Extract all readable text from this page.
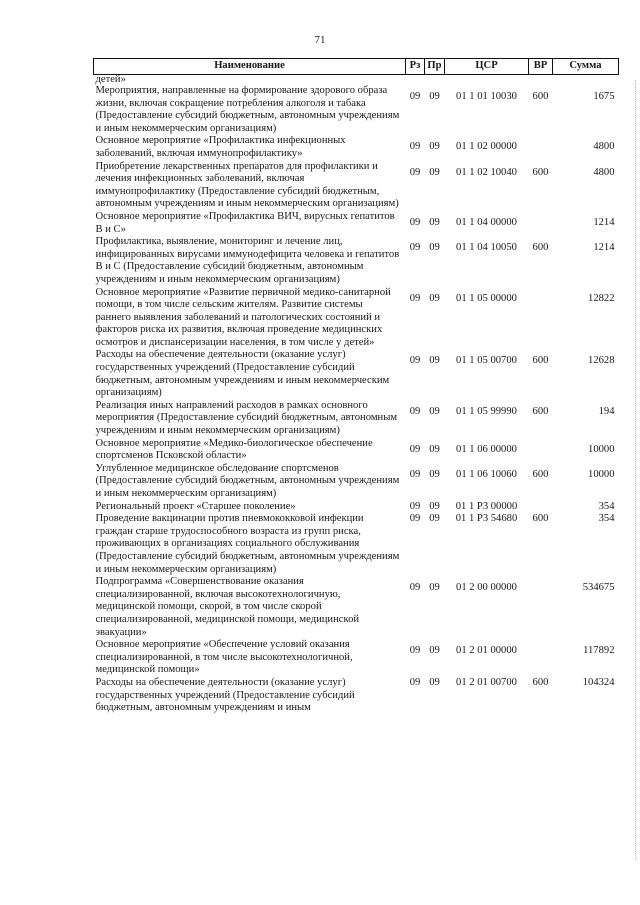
71
Наименование	Рз	Пр	ЦСР	ВР	Сумма
детей»					
Мероприятия, направленные на формирование здорового образа жизни, включая сокращение потребления алкоголя и табака (Предоставление субсидий бюджетным, автономным учреждениям и иным некоммерческим организациям)	09	09	01 1 01 10030	600	1675
Основное мероприятие «Профилактика инфекционных заболеваний, включая иммунопрофилактику»	09	09	01 1 02 00000		4800
Приобретение лекарственных препаратов для профилактики и лечения инфекционных заболеваний, включая иммунопрофилактику (Предоставление субсидий бюджетным, автономным учреждениям и иным некоммерческим организациям)	09	09	01 1 02 10040	600	4800
Основное мероприятие «Профилактика ВИЧ, вирусных гепатитов В и С»	09	09	01 1 04 00000		1214
Профилактика, выявление, мониторинг и лечение лиц, инфицированных вирусами иммунодефицита человека и гепатитов В и С (Предоставление субсидий бюджетным, автономным учреждениям и иным некоммерческим организациям)	09	09	01 1 04 10050	600	1214
Основное мероприятие «Развитие первичной медико-санитарной помощи, в том числе сельским жителям. Развитие системы раннего выявления заболеваний и патологических состояний и факторов риска их развития, включая проведение медицинских осмотров и диспансеризации населения, в том числе у детей»	09	09	01 1 05 00000		12822
Расходы на обеспечение деятельности (оказание услуг) государственных учреждений (Предоставление субсидий бюджетным, автономным учреждениям и иным некоммерческим организациям)	09	09	01 1 05 00700	600	12628
Реализация иных направлений расходов в рамках основного мероприятия (Предоставление субсидий бюджетным, автономным учреждениям и иным некоммерческим организациям)	09	09	01 1 05 99990	600	194
Основное мероприятие «Медико-биологическое обеспечение спортсменов Псковской области»	09	09	01 1 06 00000		10000
Углубленное медицинское обследование спортсменов (Предоставление субсидий бюджетным, автономным учреждениям и иным некоммерческим организациям)	09	09	01 1 06 10060	600	10000
Региональный проект «Старшее поколение»	09	09	01 1 P3 00000		354
Проведение вакцинации против пневмококковой инфекции граждан старше трудоспособного возраста из групп риска, проживающих в организациях социального обслуживания (Предоставление субсидий бюджетным, автономным учреждениям и иным некоммерческим организациям)	09	09	01 1 P3 54680	600	354
Подпрограмма «Совершенствование оказания специализированной, включая высокотехнологичную, медицинской помощи, скорой, в том числе скорой специализированной, медицинской помощи, медицинской эвакуации»	09	09	01 2 00 00000		534675
Основное мероприятие «Обеспечение условий оказания специализированной, в том числе высокотехнологичной, медицинской помощи»	09	09	01 2 01 00000		117892
Расходы на обеспечение деятельности (оказание услуг) государственных учреждений (Предоставление субсидий бюджетным, автономным учреждениям и иным	09	09	01 2 01 00700	600	104324
